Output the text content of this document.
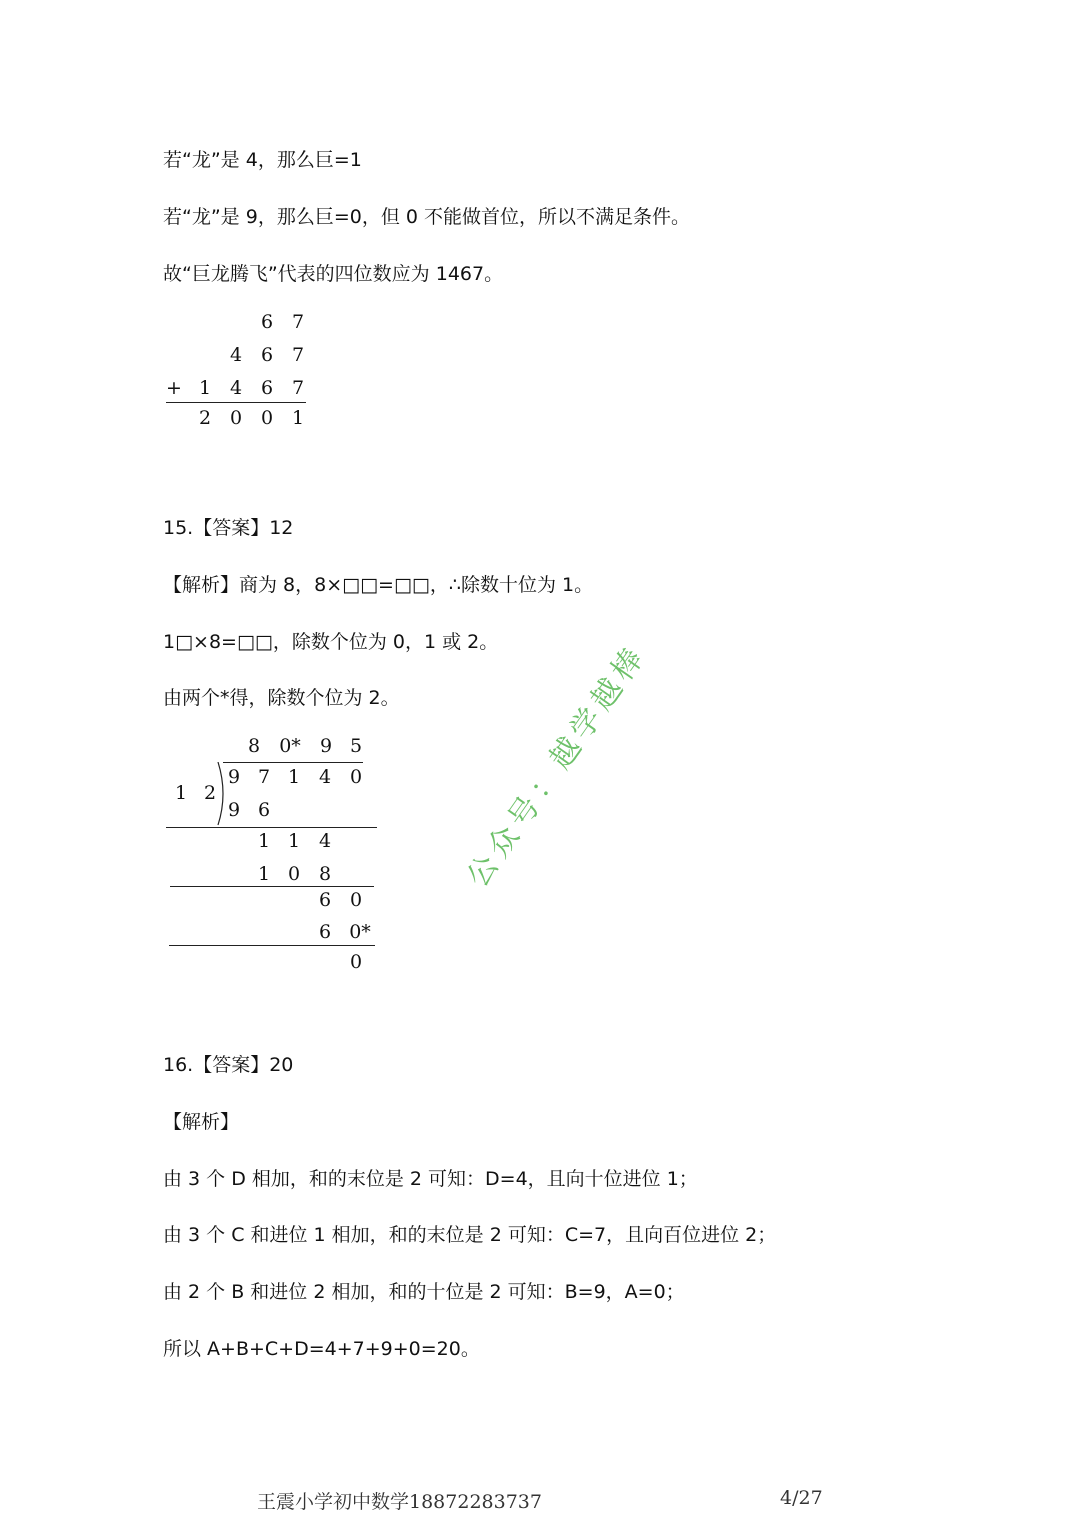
若“龙”是 4，那么巨=1
若“龙”是 9，那么巨=0，但 0 不能做首位，所以不满足条件。
故“巨龙腾飞”代表的四位数应为 1467。
6 7
4 6 7
+ 1 4 6 7
2 0 0 1
15.【答案】12
【解析】商为 8，8×□□=□□，∴除数十位为 1。
1□×8=□□，除数个位为 0，1 或 2。
由两个*得，除数个位为 2。
8	0*	9 5
1 2
9 7 1 4 0
9 6
1 1 4
1 0 8
6 0
6 0*
0
公众号：越学越棒
16.【答案】20
【解析】
由 3 个 D 相加，和的末位是 2 可知：D=4，且向十位进位 1；
由 3 个 C 和进位 1 相加，和的末位是 2 可知：C=7，且向百位进位 2；
由 2 个 B 和进位 2 相加，和的十位是 2 可知：B=9，A=0；
所以 A+B+C+D=4+7+9+0=20。
王震小学初中数学18872283737	4/27
